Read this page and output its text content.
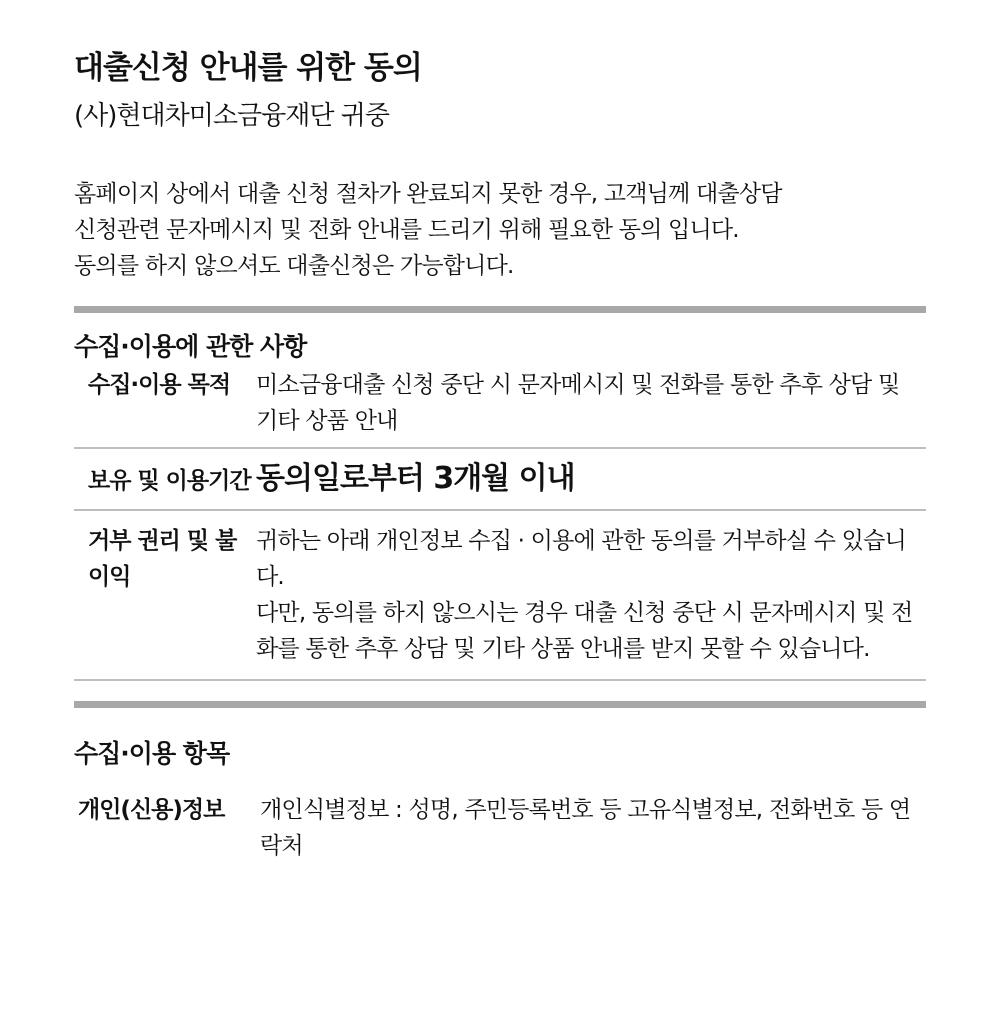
대출신청 안내를 위한 동의
(사)현대차미소금융재단 귀중

홈페이지 상에서 대출 신청 절차가 완료되지 못한 경우, 고객님께 대출상담

신청관련 문자메시지 및 전화 안내를 드리기 위해 필요한 동의 입니다.

동의를 하지 않으셔도 대출신청은 가능합니다.

수집·이용에 관한 사항
수집·이용 목적	미소금융대출 신청 중단 시 문자메시지 및 전화를 통한 추후 상담 및 기타 상품 안내
보유 및 이용기간	동의일로부터 3개월 이내
거부 권리 및 불이익	귀하는 아래 개인정보 수집 · 이용에 관한 동의를 거부하실 수 있습니다.

다만, 동의를 하지 않으시는 경우 대출 신청 중단 시 문자메시지 및 전화를 통한 추후 상담 및 기타 상품 안내를 받지 못할 수 있습니다.

수집·이용 항목
개인(신용)정보	개인식별정보 : 성명, 주민등록번호 등 고유식별정보, 전화번호 등 연락처
